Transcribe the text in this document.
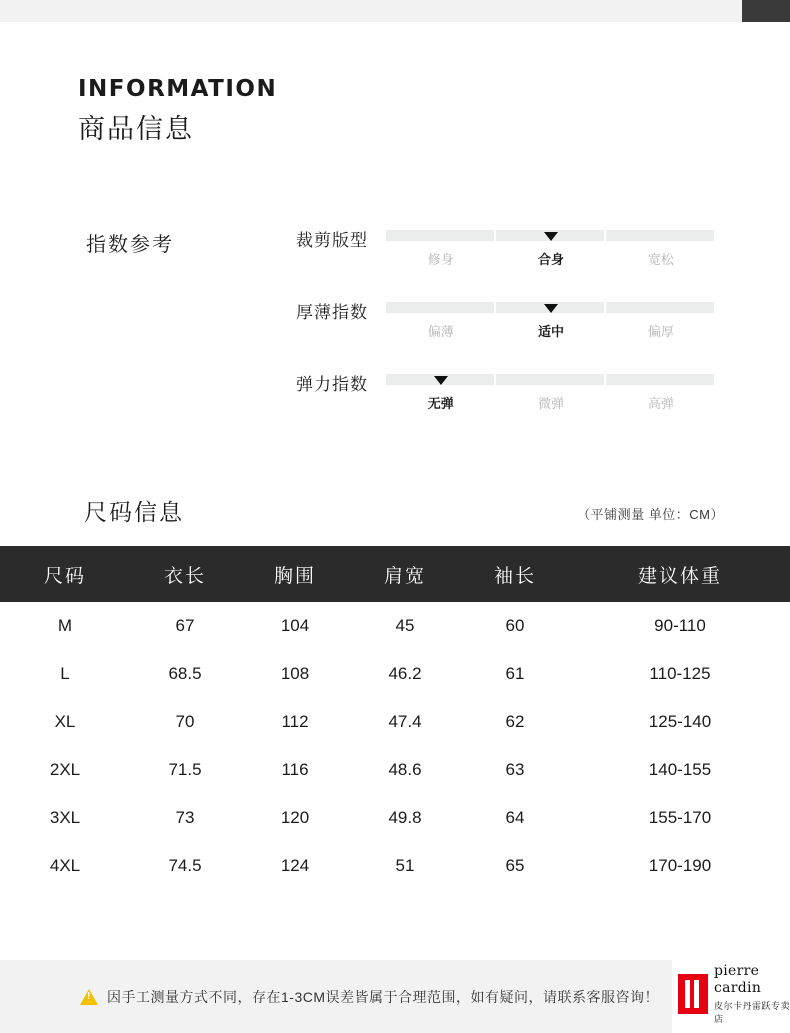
INFORMATION
商品信息
指数参考	裁剪版型
修身	合身	宽松
厚薄指数
偏薄	适中	偏厚
弹力指数
无弹	微弹	高弹
尺码信息	（平铺测量 单位：CM）
尺码	衣长	胸围	肩宽	袖长	建议体重
M	67	104	45	60	90-110
L	68.5	108	46.2	61	110-125
XL	70	112	47.4	62	125-140
2XL	71.5	116	48.6	63	140-155
3XL	73	120	49.8	64	155-170
4XL	74.5	124	51	65	170-190
!
因手工测量方式不同，存在1-3CM误差皆属于合理范围，如有疑问，请联系客服咨询！
pierre cardin
皮尔卡丹雷跃专卖店
